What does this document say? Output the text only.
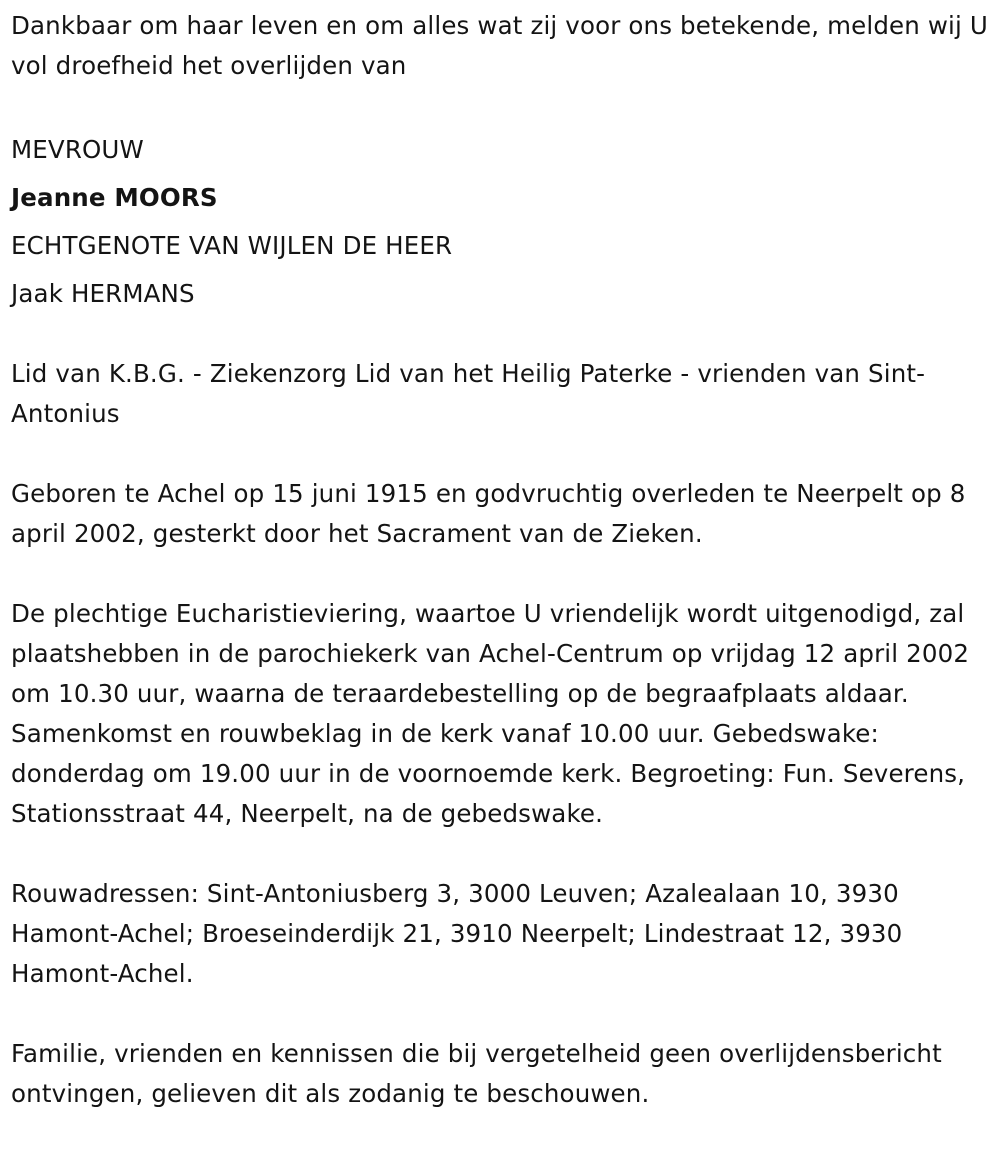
Dankbaar om haar leven en om alles wat zij voor ons betekende, melden wij U vol droefheid het overlijden van

MEVROUW

Jeanne MOORS

ECHTGENOTE VAN WIJLEN DE HEER

Jaak HERMANS

Lid van K.B.G. - Ziekenzorg Lid van het Heilig Paterke - vrienden van Sint-Antonius

Geboren te Achel op 15 juni 1915 en godvruchtig overleden te Neerpelt op 8 april 2002, gesterkt door het Sacrament van de Zieken.

De plechtige Eucharistieviering, waartoe U vriendelijk wordt uitgenodigd, zal plaatshebben in de parochiekerk van Achel-Centrum op vrijdag 12 april 2002 om 10.30 uur, waarna de teraardebestelling op de begraafplaats aldaar. Samenkomst en rouwbeklag in de kerk vanaf 10.00 uur. Gebedswake: donderdag om 19.00 uur in de voornoemde kerk. Begroeting: Fun. Severens, Stationsstraat 44, Neerpelt, na de gebedswake.

Rouwadressen: Sint-Antoniusberg 3, 3000 Leuven; Azalealaan 10, 3930 Hamont-Achel; Broeseinderdijk 21, 3910 Neerpelt; Lindestraat 12, 3930 Hamont-Achel.

Familie, vrienden en kennissen die bij vergetelheid geen overlijdensbericht ontvingen, gelieven dit als zodanig te beschouwen.
